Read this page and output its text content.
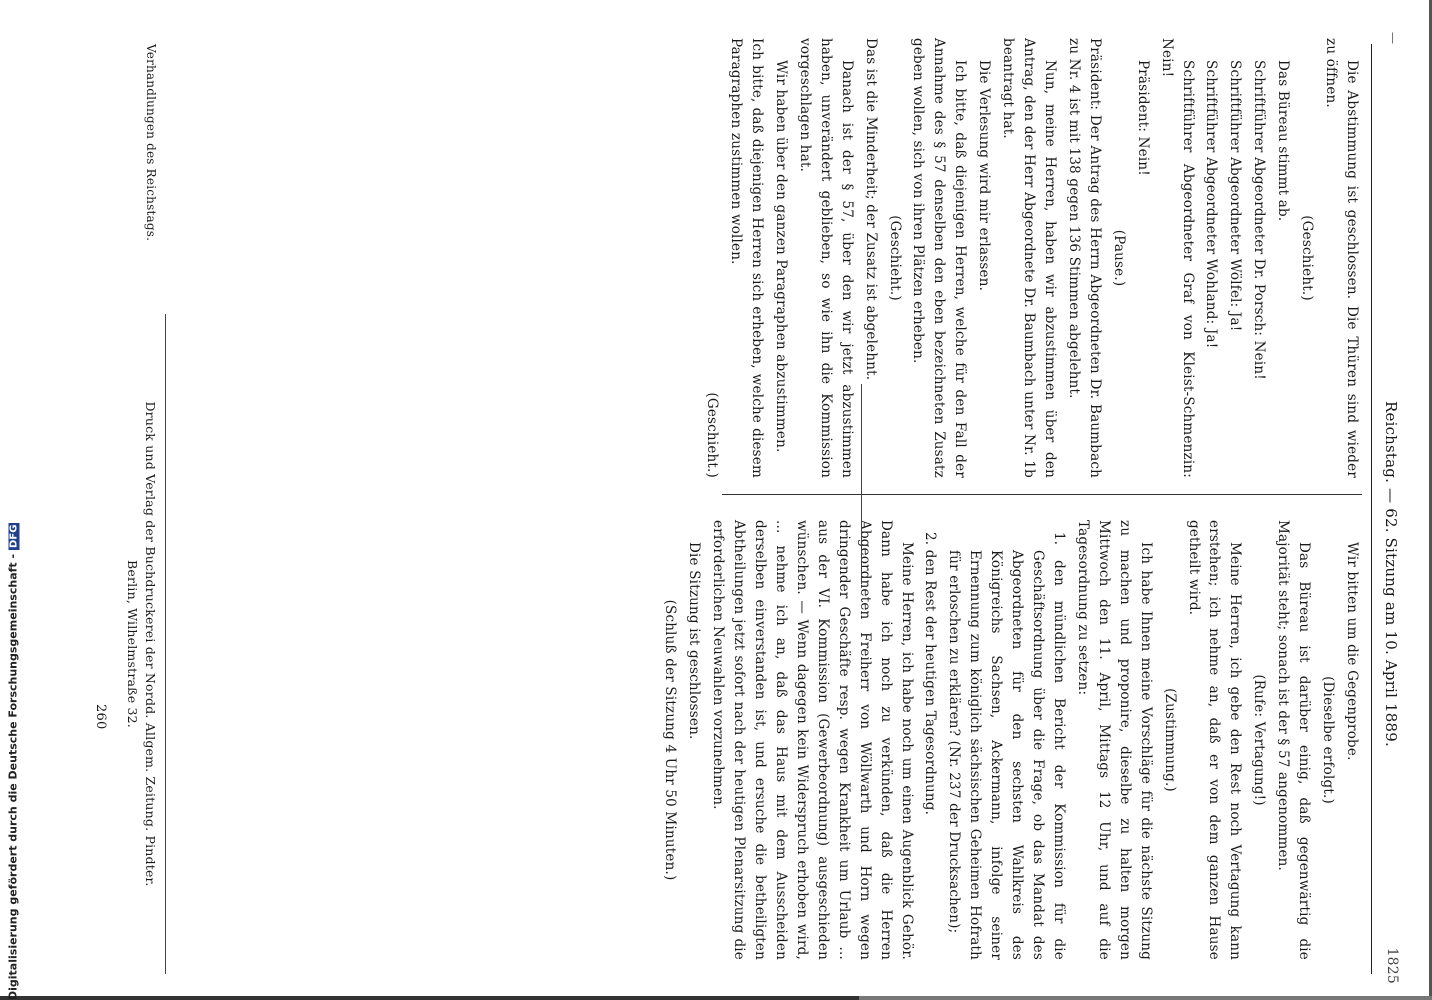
Digitalisierung gefördert durch die Deutsche Forschungsgemeinschaft -DFG
—
Reichstag. — 62. Sitzung am 10. April 1889.
1825

Die Abstimmung ist geschlossen. Die Thüren sind wieder zu öffnen.

(Geschieht.)

Das Büreau stimmt ab.

Schriftführer Abgeordneter Dr. Porsch: Nein!

Schriftführer Abgeordneter Wölfel: Ja!

Schriftführer Abgeordneter Wohland: Ja!

Schriftführer Abgeordneter Graf von Kleist-Schmenzin: Nein!

Präsident: Nein!

(Pause.)

Präsident: Der Antrag des Herrn Abgeordneten Dr. Baumbach zu Nr. 4 ist mit 138 gegen 136 Stimmen abgelehnt.

Nun, meine Herren, haben wir abzustimmen über den Antrag, den der Herr Abgeordnete Dr. Baumbach unter Nr. 1b beantragt hat.

Die Verlesung wird mir erlassen.

Ich bitte, daß diejenigen Herren, welche für den Fall der Annahme des § 57 denselben den eben bezeichneten Zusatz geben wollen, sich von ihren Plätzen erheben.

(Geschieht.)

Das ist die Minderheit; der Zusatz ist abgelehnt.

Danach ist der § 57, über den wir jetzt abzustimmen haben, unverändert geblieben, so wie ihn die Kommission vorgeschlagen hat.

Wir haben über den ganzen Paragraphen abzustimmen.

Ich bitte, daß diejenigen Herren sich erheben, welche diesem Paragraphen zustimmen wollen.

(Geschieht.)

Wir bitten um die Gegenprobe.

(Dieselbe erfolgt.)

Das Büreau ist darüber einig, daß gegenwärtig die Majorität steht; sonach ist der § 57 angenommen.

(Rufe: Vertagung!)

Meine Herren, ich gebe den Rest noch Vertagung kann erstehen; ich nehme an, daß er von dem ganzen Hause getheilt wird.

(Zustimmung.)

Ich habe Ihnen meine Vorschläge für die nächste Sitzung zu machen und proponire, dieselbe zu halten morgen Mittwoch den 11. April, Mittags 12 Uhr, und auf die Tagesordnung zu setzen:

1. den mündlichen Bericht der Kommission für die Geschäftsordnung über die Frage, ob das Mandat des Abgeordneten für den sechsten Wahlkreis des Königreichs Sachsen, Ackermann, infolge seiner Ernennung zum königlich sächsischen Geheimen Hofrath für erloschen zu erklären? (Nr. 237 der Drucksachen);

2. den Rest der heutigen Tagesordnung.

Meine Herren, ich habe noch um einen Augenblick Gehör. Dann habe ich noch zu verkünden, daß die Herren Abgeordneten Freiherr von Wöllwarth und Horn wegen dringender Geschäfte resp. wegen Krankheit um Urlaub ... aus der VI. Kommission (Gewerbeordnung) ausgeschieden wünschen. — Wenn dagegen kein Widerspruch erhoben wird, ... nehme ich an, daß das Haus mit dem Ausscheiden derselben einverstanden ist, und ersuche die betheiligten Abtheilungen jetzt sofort nach der heutigen Plenarsitzung die erforderlichen Neuwahlen vorzunehmen.

Die Sitzung ist geschlossen.

(Schluß der Sitzung 4 Uhr 50 Minuten.)

Verhandlungen des Reichstags.
Druck und Verlag der Buchdruckerei der Nordd. Allgem. Zeitung. Pindter.
Berlin, Wilhelmstraße 32.
260
